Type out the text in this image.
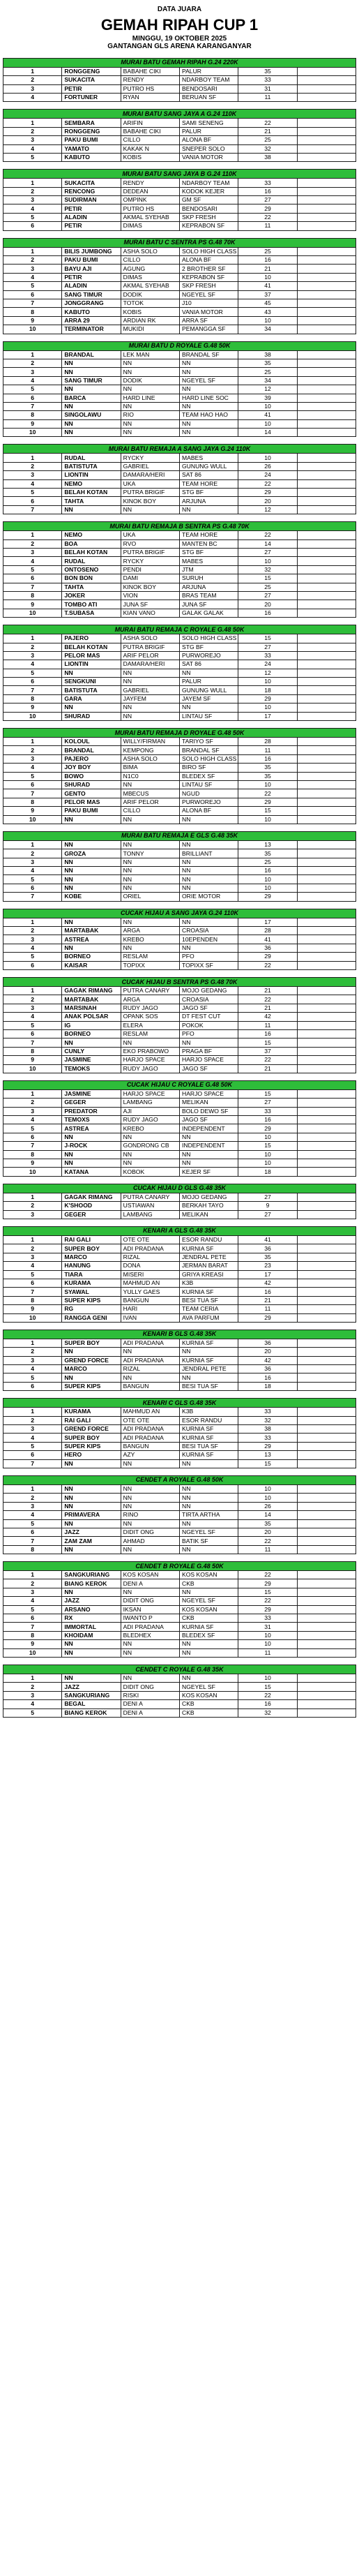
DATA JUARA
GEMAH RIPAH CUP 1
MINGGU, 19 OKTOBER 2025
GANTANGAN GLS ARENA KARANGANYAR
MURAI BATU GEMAH RIPAH G.24 220K					
1	RONGGENG	BABAHE CIKI	PALUR	35	
2	SUKACITA	RENDY	NDARBOY TEAM	33	
3	PETIR	PUTRO HS	BENDOSARI	31	
4	FORTUNER	RYAN	BERUAN SF	11	
MURAI BATU SANG JAYA A G.24 110K					
1	SEMBARA	ARIFIN	SAMI SENENG	22	
2	RONGGENG	BABAHE CIKI	PALUR	21	
3	PAKU BUMI	CILLO	ALONA BF	25	
4	YAMATO	KAKAK N	SNEPER SOLO	32	
5	KABUTO	KOBIS	VANIA MOTOR	38	
MURAI BATU SANG JAYA B G.24 110K					
1	SUKACITA	RENDY	NDARBOY TEAM	33	
2	RENCONG	DEDEAN	KODOK KEJER	16	
3	SUDIRMAN	OMPINK	GM SF	27	
4	PETIR	PUTRO HS	BENDOSARI	29	
5	ALADIN	AKMAL SYEHAB	SKP FRESH	22	
6	PETIR	DIMAS	KEPRABON SF	11	
MURAI BATU C SENTRA PS G.48 70K					
1	BILIS JUMBONG	ASHA SOLO	SOLO HIGH CLASS	25	
2	PAKU BUMI	CILLO	ALONA BF	16	
3	BAYU AJI	AGUNG	2 BROTHER SF	21	
4	PETIR	DIMAS	KEPRABON SF	10	
5	ALADIN	AKMAL SYEHAB	SKP FRESH	41	
6	SANG TIMUR	DODIK	NGEYEL SF	37	
7	JONGGRANG	TOTOK	J10	45	
8	KABUTO	KOBIS	VANIA MOTOR	43	
9	ARRA 29	ARDIAN RK	ARRA SF	10	
10	TERMINATOR	MUKIDI	PEMANGGA SF	34	
MURAI BATU D ROYALE G.48 50K					
1	BRANDAL	LEK MAN	BRANDAL SF	38	
2	NN	NN	NN	35	
3	NN	NN	NN	25	
4	SANG TIMUR	DODIK	NGEYEL SF	34	
5	NN	NN	NN	12	
6	BARCA	HARD LINE	HARD LINE SOC	39	
7	NN	NN	NN	10	
8	SINGOLAWU	RIO	TEAM HAO HAO	41	
9	NN	NN	NN	10	
10	NN	NN	NN	14	
MURAI BATU REMAJA A SANG JAYA G.24 110K					
1	RUDAL	RYCKY	MABES	10	
2	BATISTUTA	GABRIEL	GUNUNG WULL	26	
3	LIONTIN	DAMARA/HERI	SAT 86	24	
4	NEMO	UKA	TEAM HORE	22	
5	BELAH KOTAN	PUTRA BRIGIF	STG BF	29	
6	TAHTA	KINOK BOY	ARJUNA	20	
7	NN	NN	NN	12	
MURAI BATU REMAJA B SENTRA PS G.48 70K					
1	NEMO	UKA	TEAM HORE	22	
2	BOA	RVO	MANTEN BC	14	
3	BELAH KOTAN	PUTRA BRIGIF	STG BF	27	
4	RUDAL	RYCKY	MABES	10	
5	ONTOSENO	PENDI	JTM	32	
6	BON BON	DAMI	SURUH	15	
7	TAHTA	KINOK BOY	ARJUNA	25	
8	JOKER	VION	BRAS TEAM	27	
9	TOMBO ATI	JUNA SF	JUNA SF	20	
10	T.SUBASA	KIAN VANO	GALAK GALAK	16	
MURAI BATU REMAJA C ROYALE G.48 50K					
1	PAJERO	ASHA SOLO	SOLO HIGH CLASS	15	
2	BELAH KOTAN	PUTRA BRIGIF	STG BF	27	
3	PELOR MAS	ARIF PELOR	PURWOREJO	33	
4	LIONTIN	DAMARA/HERI	SAT 86	24	
5	NN	NN	NN	12	
6	SENGKUNI	NN	PALUR	10	
7	BATISTUTA	GABRIEL	GUNUNG WULL	18	
8	GARA	JAYFEM	JAYEM SF	29	
9	NN	NN	NN	10	
10	SHURAD	NN	LINTAU SF	17	
MURAI BATU REMAJA D ROYALE G.48 50K					
1	KOLOUL	WILLY/FIRMAN	TARIYO SF	28	
2	BRANDAL	KEMPONG	BRANDAL SF	11	
3	PAJERO	ASHA SOLO	SOLO HIGH CLASS	16	
4	JOY BOY	BIMA	BIRO SF	35	
5	BOWO	N1C0	BLEDEX SF	35	
6	SHURAD	NN	LINTAU SF	10	
7	GENTO	MBECUS	NGUD	22	
8	PELOR MAS	ARIF PELOR	PURWOREJO	29	
9	PAKU BUMI	CILLO	ALONA BF	15	
10	NN	NN	NN	10	
MURAI BATU REMAJA E GLS G.48 35K					
1	NN	NN	NN	13	
2	GROZA	TONNY	BRILLIANT	35	
3	NN	NN	NN	25	
4	NN	NN	NN	16	
5	NN	NN	NN	10	
6	NN	NN	NN	10	
7	KOBE	ORIEL	ORIE MOTOR	29	
CUCAK HIJAU A SANG JAYA G.24 110K					
1	NN	NN	NN	17	
2	MARTABAK	ARGA	CROASIA	28	
3	ASTREA	KREBO	10EPENDEN	41	
4	NN	NN	NN	36	
5	BORNEO	RESLAM	PFO	29	
6	KAISAR	TOPIXX	TOPIXX SF	22	
CUCAK HIJAU B SENTRA PS G.48 70K					
1	GAGAK RIMANG	PUTRA CANARY	MOJO GEDANG	21	
2	MARTABAK	ARGA	CROASIA	22	
3	MARSINAH	RUDY JAGO	JAGO SF	21	
4	ANAK POLSAR	OPANK SOS	DT FEST CUT	42	
5	IG	ELERA	POKOK	11	
6	BORNEO	RESLAM	PFO	16	
7	NN	NN	NN	15	
8	CUNLY	EKO PRABOWO	PRAGA BF	37	
9	JASMINE	HARJO SPACE	HARJO SPACE	22	
10	TEMOKS	RUDY JAGO	JAGO SF	21	
CUCAK HIJAU C ROYALE G.48 50K					
1	JASMINE	HARJO SPACE	HARJO SPACE	15	
2	GEGER	LAMBANG	MELIKAN	27	
3	PREDATOR	AJI	BOLO DEWO SF	33	
4	TEMOXS	RUDY JAGO	JAGO SF	16	
5	ASTREA	KREBO	INDEPENDENT	29	
6	NN	NN	NN	10	
7	J-ROCK	GONDRONG CB	INDEPENDENT	15	
8	NN	NN	NN	10	
9	NN	NN	NN	10	
10	KATANA	KOBOK	KEJER SF	18	
CUCAK HIJAU D GLS G.48 35K					
1	GAGAK RIMANG	PUTRA CANARY	MOJO GEDANG	27	
2	K'SHOOD	USTIAWAN	BERKAH TAYO	9	
3	GEGER	LAMBANG	MELIKAN	27	
KENARI A GLS G.48 35K					
1	RAI GALI	OTE OTE	ESOR RANDU	41	
2	SUPER BOY	ADI PRADANA	KURNIA SF	36	
3	MARCO	RIZAL	JENDRAL PETE	35	
4	HANUNG	DONA	JERMAN BARAT	23	
5	TIARA	MISERI	GRIYA KREASI	17	
6	KURAMA	MAHMUD AN	K3B	42	
7	SYAWAL	YULLY GAES	KURNIA SF	16	
8	SUPER KIPS	BANGUN	BESI TUA SF	21	
9	RG	HARI	TEAM CERIA	11	
10	RANGGA GENI	IVAN	AVA PARFUM	29	
KENARI B GLS G.48 35K					
1	SUPER BOY	ADI PRADANA	KURNIA SF	36	
2	NN	NN	NN	20	
3	GREND FORCE	ADI PRADANA	KURNIA SF	42	
4	MARCO	RIZAL	JENDRAL PETE	36	
5	NN	NN	NN	16	
6	SUPER KIPS	BANGUN	BESI TUA SF	18	
KENARI C GLS G.48 35K					
1	KURAMA	MAHMUD AN	K3B	33	
2	RAI GALI	OTE OTE	ESOR RANDU	32	
3	GREND FORCE	ADI PRADANA	KURNIA SF	38	
4	SUPER BOY	ADI PRADANA	KURNIA SF	33	
5	SUPER KIPS	BANGUN	BESI TUA SF	29	
6	HERO	AZY	KURNIA SF	13	
7	NN	NN	NN	15	
CENDET A ROYALE G.48 50K					
1	NN	NN	NN	10	
2	NN	NN	NN	10	
3	NN	NN	NN	26	
4	PRIMAVERA	RINO	TIRTA ARTHA	14	
5	NN	NN	NN	35	
6	JAZZ	DIDIT ONG	NGEYEL SF	20	
7	ZAM ZAM	AHMAD	BATIK SF	22	
8	NN	NN	NN	11	
CENDET B ROYALE G.48 50K					
1	SANGKURIANG	KOS KOSAN	KOS KOSAN	22	
2	BIANG KEROK	DENI A	CKB	29	
3	NN	NN	NN	15	
4	JAZZ	DIDIT ONG	NGEYEL SF	22	
5	ARSANO	IKSAN	KOS KOSAN	29	
6	RX	IWANTO P	CKB	33	
7	IMMORTAL	ADI PRADANA	KURNIA SF	31	
8	KHOIDAM	BLEDHEX	BLEDEX SF	10	
9	NN	NN	NN	10	
10	NN	NN	NN	11	
CENDET C ROYALE G.48 35K					
1	NN	NN	NN	10	
2	JAZZ	DIDIT ONG	NGEYEL SF	15	
3	SANGKURIANG	RISKI	KOS KOSAN	22	
4	BEGAL	DENI A	CKB	16	
5	BIANG KEROK	DENI A	CKB	32	
